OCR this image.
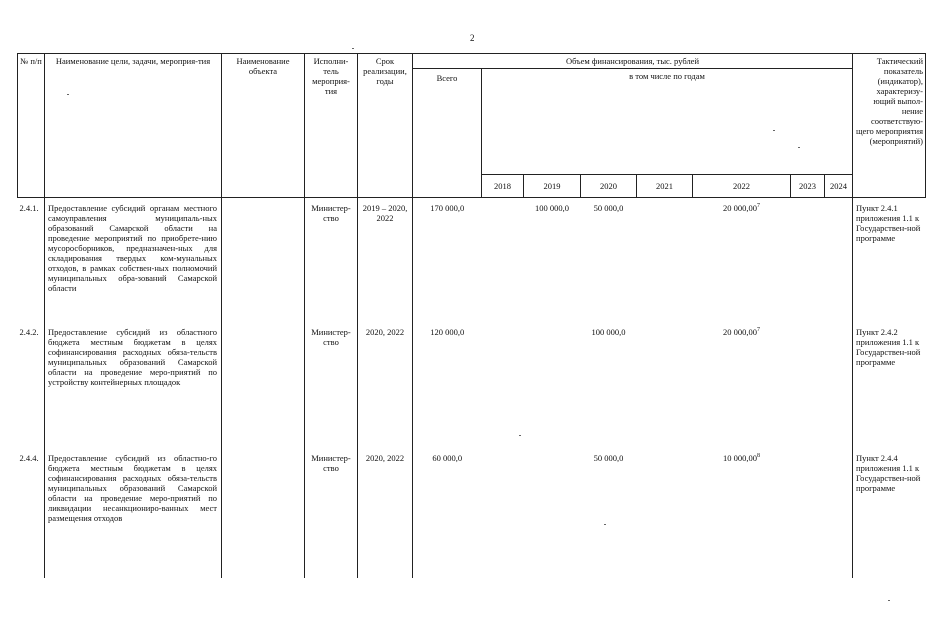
2
№ п/п	Наименование цели, задачи, мероприя-тия	Наименование объекта	Исполни-тель мероприя-тия	Срок реализации, годы	Объем финансирования, тыс. рублей								Тактический показатель (индикатор), характеризу-ющий выпол-нение соответствую-щего мероприятия (мероприятий)
					Всего	в том числе по годам							
						2018	2019	2020	2021	2022	2023	2024	
2.4.1.	Предоставление субсидий органам местного самоуправления муниципаль-ных образований Самарской области на проведение мероприятий по приобрете-нию мусоросборников, предназначен-ных для складирования твердых ком-мунальных отходов, в рамках собствен-ных полномочий муниципальных обра-зований Самарской области		Министер-ство	2019 – 2020, 2022	170 000,0		100 000,0	50 000,0		20 000,00$^7$			Пункт 2.4.1 приложения 1.1 к Государствен-ной программе
2.4.2.	Предоставление субсидий из областного бюджета местным бюджетам в целях софинансирования расходных обяза-тельств муниципальных образований Самарской области на проведение меро-приятий по устройству контейнерных площадок		Министер-ство	2020, 2022	120 000,0			100 000,0		20 000,00$^7$			Пункт 2.4.2 приложения 1.1 к Государствен-ной программе
2.4.4.	Предоставление субсидий из областно-го бюджета местным бюджетам в целях софинансирования расходных обяза-тельств муниципальных образований Самарской области на проведение меро-приятий по ликвидации несанкциониро-ванных мест размещения отходов		Министер-ство	2020, 2022	60 000,0			50 000,0		10 000,00$^8$			Пункт 2.4.4 приложения 1.1 к Государствен-ной программе
